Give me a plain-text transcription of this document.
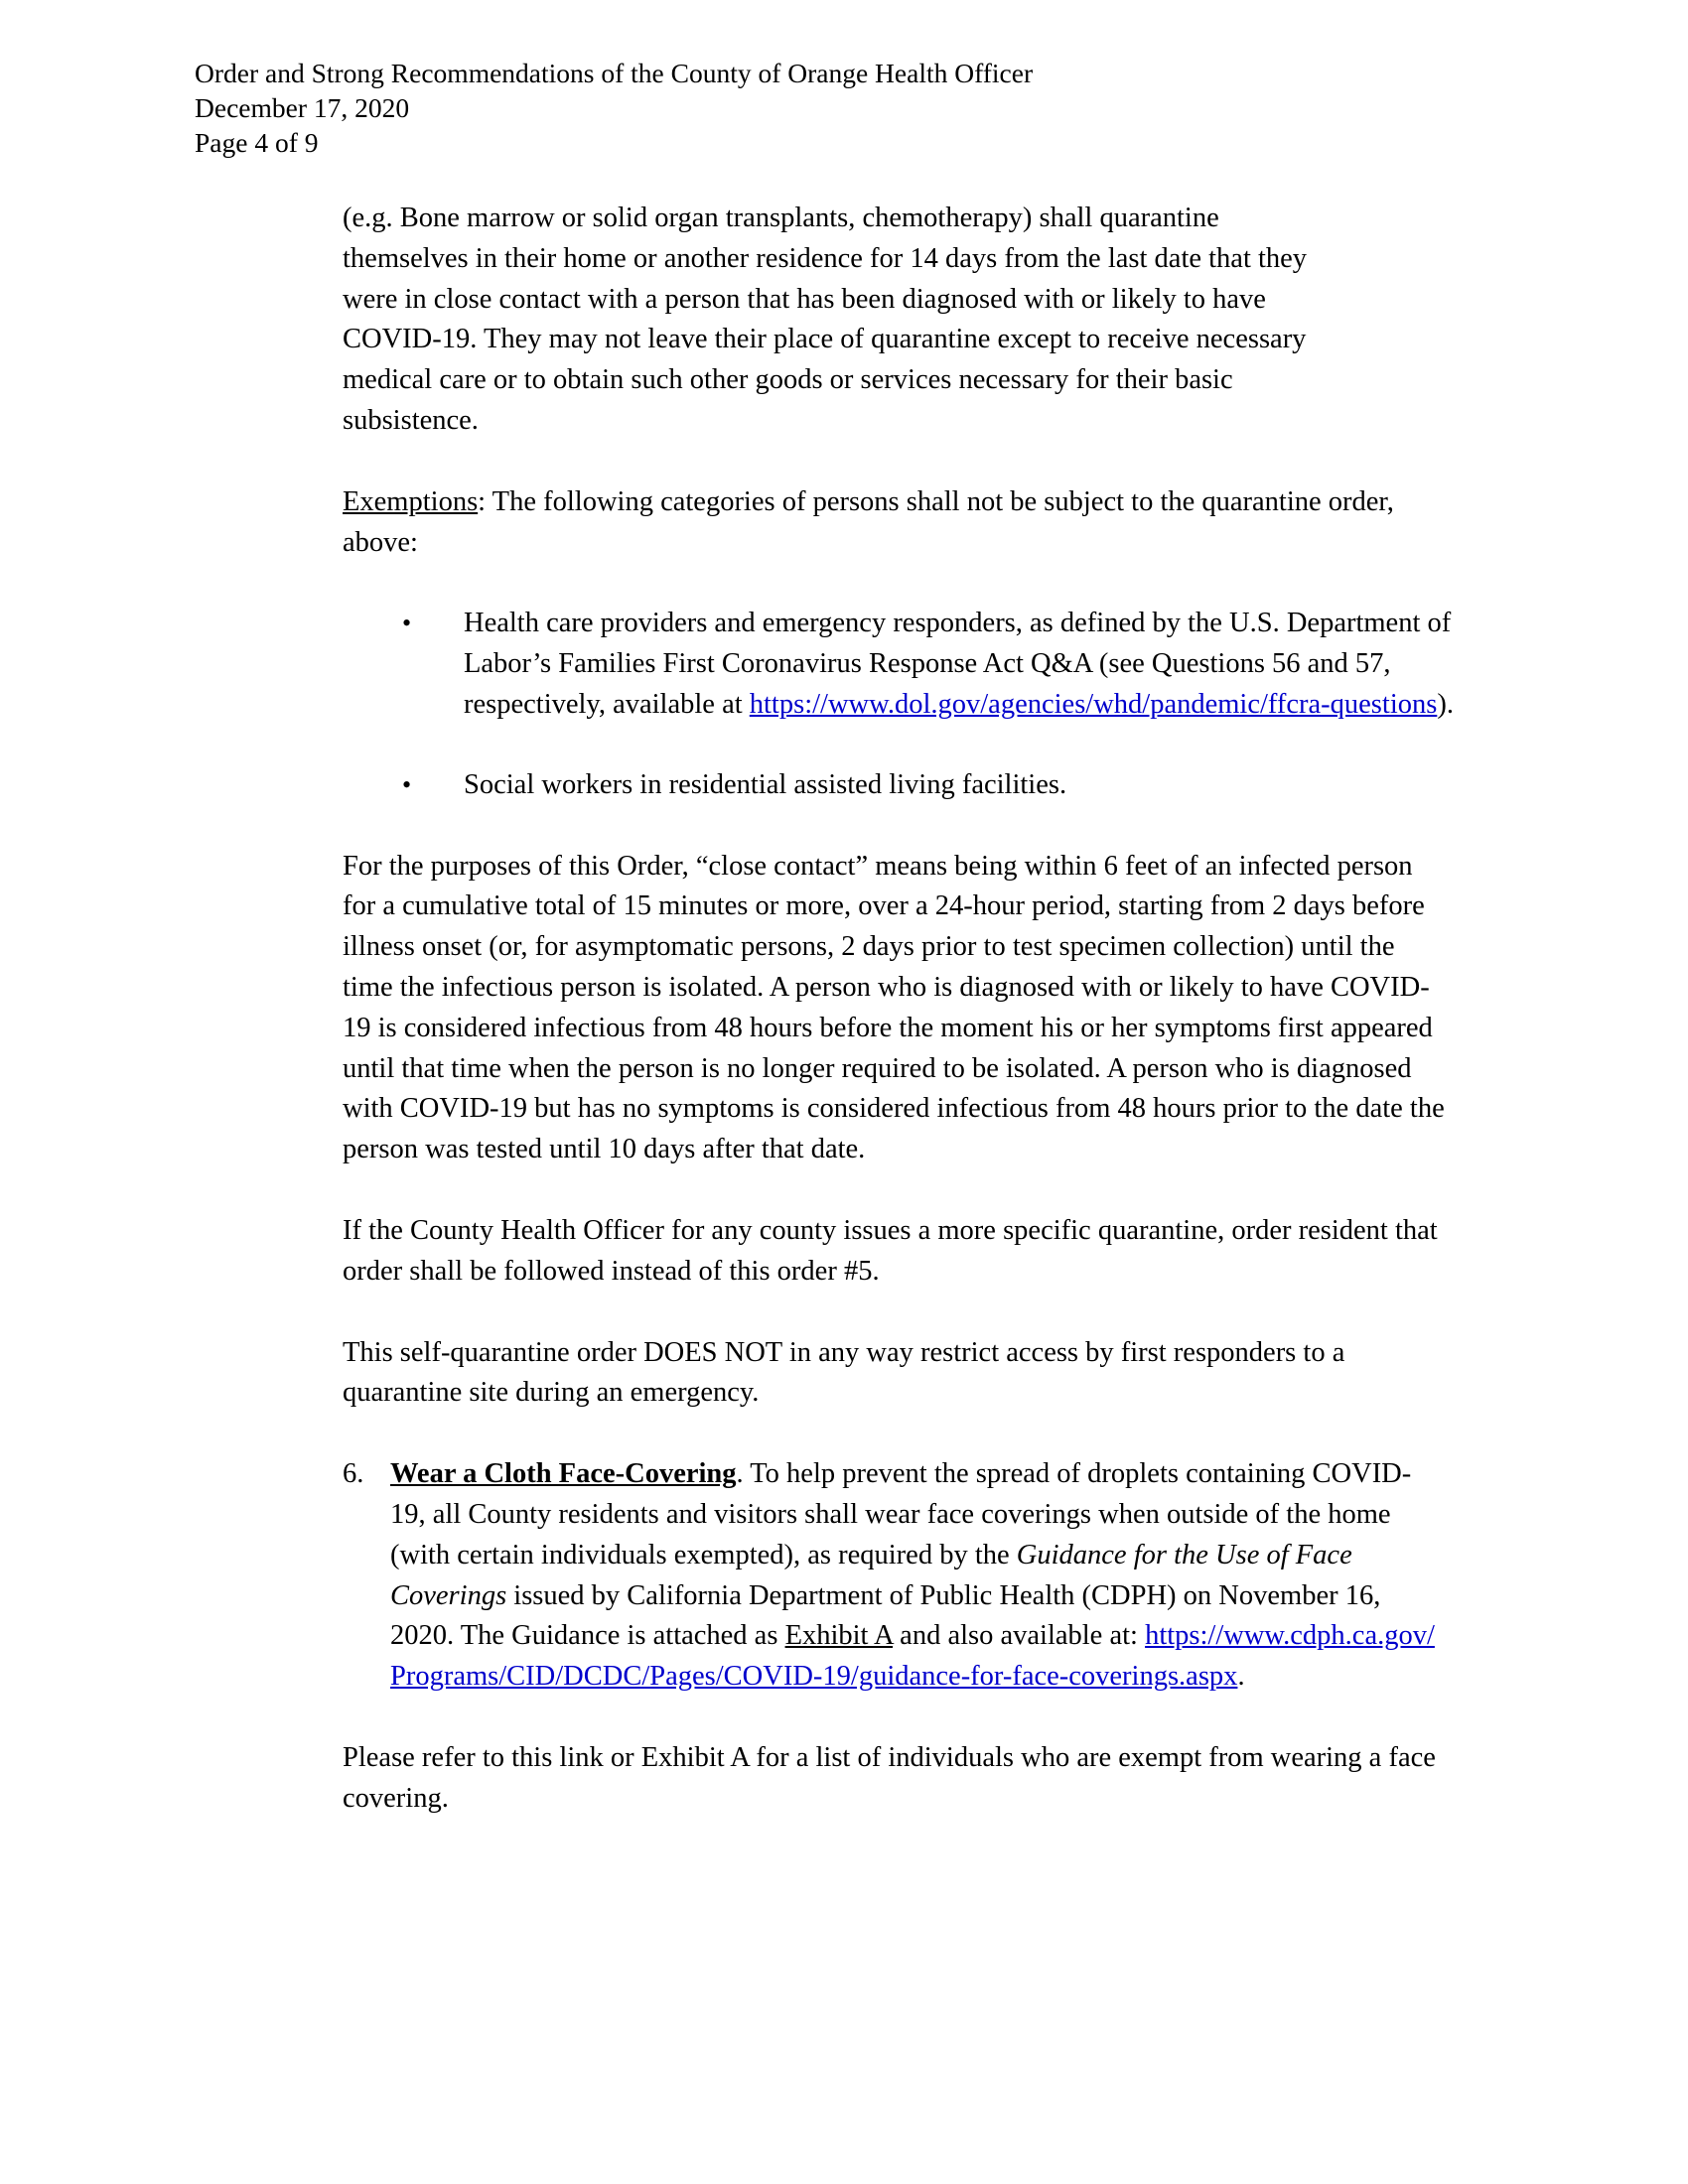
Order and Strong Recommendations of the County of Orange Health Officer
December 17, 2020
Page 4 of 9

(e.g. Bone marrow or solid organ transplants, chemotherapy) shall quarantine themselves in their home or another residence for 14 days from the last date that they were in close contact with a person that has been diagnosed with or likely to have COVID-19. They may not leave their place of quarantine except to receive necessary medical care or to obtain such other goods or services necessary for their basic subsistence.

Exemptions: The following categories of persons shall not be subject to the quarantine order, above:

• Health care providers and emergency responders, as defined by the U.S. Department of Labor’s Families First Coronavirus Response Act Q&A (see Questions 56 and 57, respectively, available at https://www.dol.gov/agencies/whd/pandemic/ffcra-questions).
• Social workers in residential assisted living facilities.

For the purposes of this Order, “close contact” means being within 6 feet of an infected person for a cumulative total of 15 minutes or more, over a 24-hour period, starting from 2 days before illness onset (or, for asymptomatic persons, 2 days prior to test specimen collection) until the time the infectious person is isolated. A person who is diagnosed with or likely to have COVID-19 is considered infectious from 48 hours before the moment his or her symptoms first appeared until that time when the person is no longer required to be isolated. A person who is diagnosed with COVID-19 but has no symptoms is considered infectious from 48 hours prior to the date the person was tested until 10 days after that date.

If the County Health Officer for any county issues a more specific quarantine, order resident that order shall be followed instead of this order #5.

This self-quarantine order DOES NOT in any way restrict access by first responders to a quarantine site during an emergency.

6. Wear a Cloth Face-Covering. To help prevent the spread of droplets containing COVID-19, all County residents and visitors shall wear face coverings when outside of the home (with certain individuals exempted), as required by the Guidance for the Use of Face Coverings issued by California Department of Public Health (CDPH) on November 16, 2020. The Guidance is attached as Exhibit A and also available at: https://www.cdph.ca.gov/Programs/CID/DCDC/Pages/COVID-19/guidance-for-face-coverings.aspx.

Please refer to this link or Exhibit A for a list of individuals who are exempt from wearing a face covering.
